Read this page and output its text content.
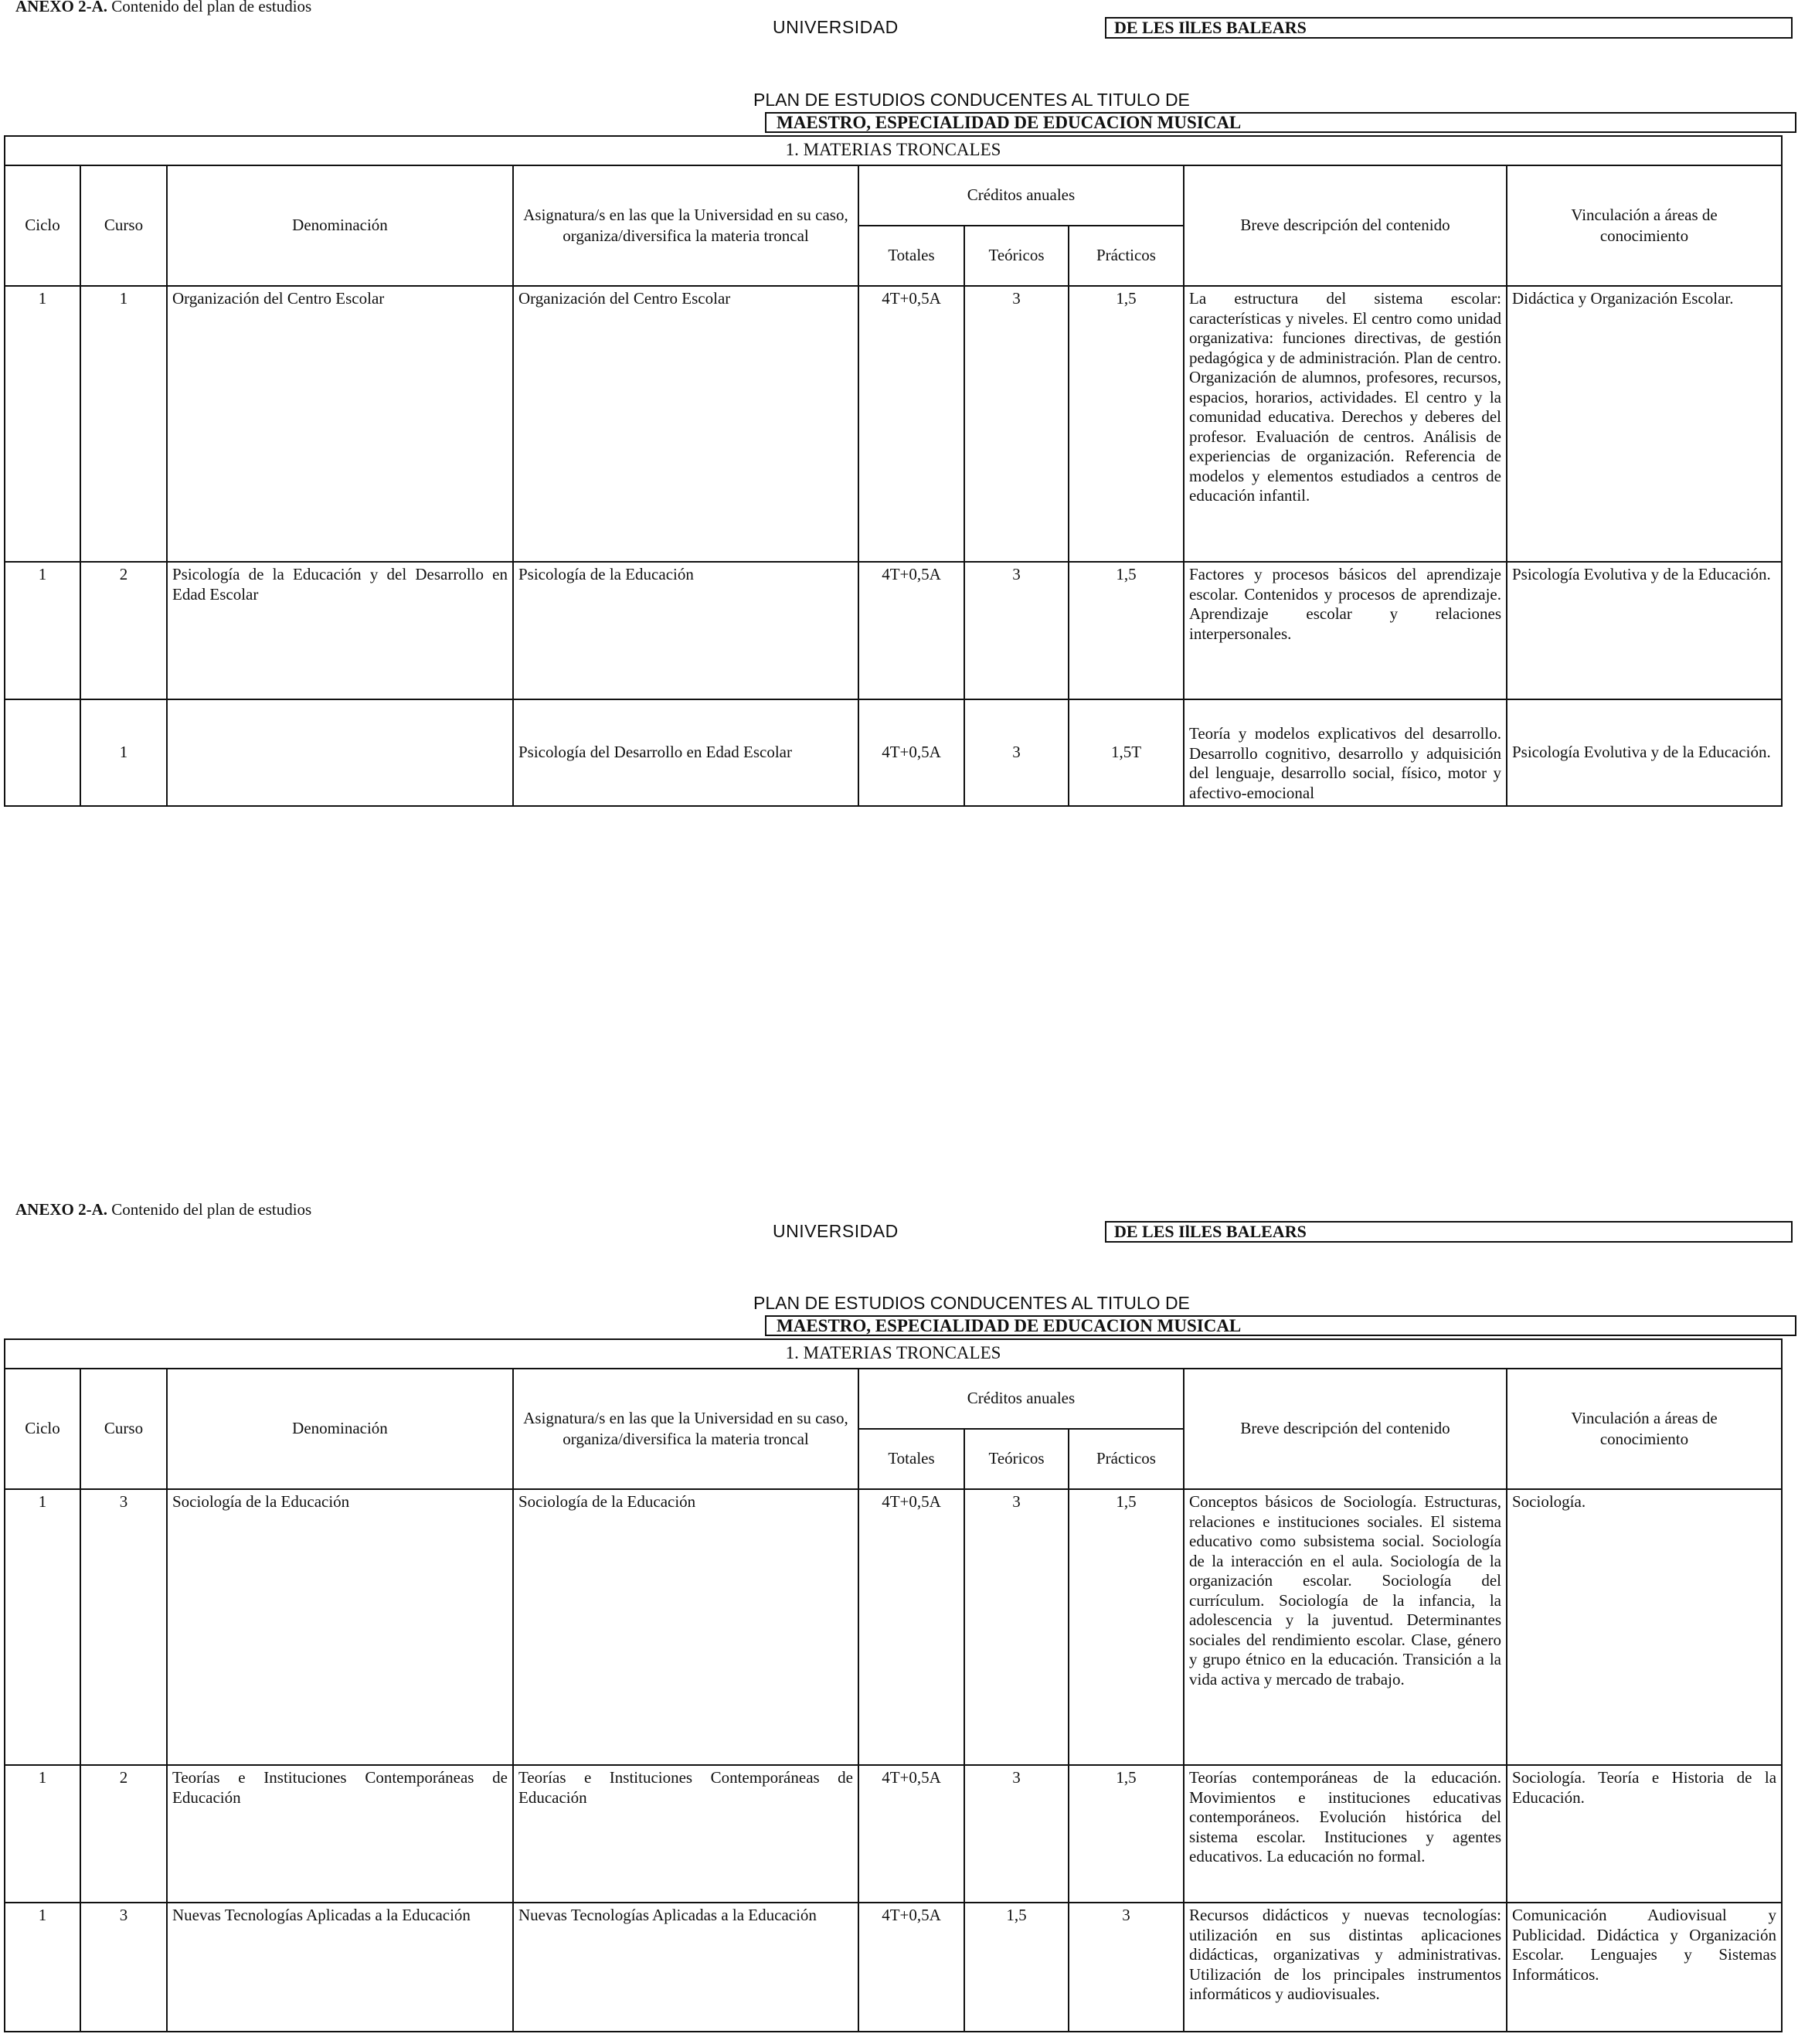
ANEXO 2-A. Contenido del plan de estudios
UNIVERSIDAD	DE LES IlLES BALEARS
PLAN DE ESTUDIOS CONDUCENTES AL TITULO DE
MAESTRO, ESPECIALIDAD DE EDUCACION MUSICAL
1. MATERIAS TRONCALES								
Ciclo	Curso	Denominación	Asignatura/s en las que la Universidad en su caso, organiza/diversifica la materia troncal	Créditos anuales			Breve descripción del contenido	Vinculación a áreas de conocimiento
				Totales	Teóricos	Prácticos		
1	1	Organización del Centro Escolar	Organización del Centro Escolar	4T+0,5A	3	1,5	La estructura del sistema escolar: características y niveles. El centro como unidad organizativa: funciones directivas, de gestión pedagógica y de administración. Plan de centro. Organización de alumnos, profesores, recursos, espacios, horarios, actividades. El centro y la comunidad educativa. Derechos y deberes del profesor. Evaluación de centros. Análisis de experiencias de organización. Referencia de modelos y elementos estudiados a centros de educación infantil.	Didáctica y Organización Escolar.
1	2	Psicología de la Educación y del Desarrollo en Edad Escolar	Psicología de la Educación	4T+0,5A	3	1,5	Factores y procesos básicos del aprendizaje escolar. Contenidos y procesos de aprendizaje. Aprendizaje escolar y relaciones interpersonales.	Psicología Evolutiva y de la Educación.
	1		Psicología del Desarrollo en Edad Escolar	4T+0,5A	3	1,5T	Teoría y modelos explicativos del desarrollo. Desarrollo cognitivo, desarrollo y adquisición del lenguaje, desarrollo social, físico, motor y afectivo-emocional	Psicología Evolutiva y de la Educación.
ANEXO 2-A. Contenido del plan de estudios
UNIVERSIDAD	DE LES IlLES BALEARS
PLAN DE ESTUDIOS CONDUCENTES AL TITULO DE
MAESTRO, ESPECIALIDAD DE EDUCACION MUSICAL
1. MATERIAS TRONCALES								
Ciclo	Curso	Denominación	Asignatura/s en las que la Universidad en su caso, organiza/diversifica la materia troncal	Créditos anuales			Breve descripción del contenido	Vinculación a áreas de conocimiento
				Totales	Teóricos	Prácticos		
1	3	Sociología de la Educación	Sociología de la Educación	4T+0,5A	3	1,5	Conceptos básicos de Sociología. Estructuras, relaciones e instituciones sociales. El sistema educativo como subsistema social. Sociología de la interacción en el aula. Sociología de la organización escolar. Sociología del currículum. Sociología de la infancia, la adolescencia y la juventud. Determinantes sociales del rendimiento escolar. Clase, género y grupo étnico en la educación. Transición a la vida activa y mercado de trabajo.	Sociología.
1	2	Teorías e Instituciones Contemporáneas de Educación	Teorías e Instituciones Contemporáneas de Educación	4T+0,5A	3	1,5	Teorías contemporáneas de la educación. Movimientos e instituciones educativas contemporáneos. Evolución histórica del sistema escolar. Instituciones y agentes educativos. La educación no formal.	Sociología. Teoría e Historia de la Educación.
1	3	Nuevas Tecnologías Aplicadas a la Educación	Nuevas Tecnologías Aplicadas a la Educación	4T+0,5A	1,5	3	Recursos didácticos y nuevas tecnologías: utilización en sus distintas aplicaciones didácticas, organizativas y administrativas. Utilización de los principales instrumentos informáticos y audiovisuales.	Comunicación Audiovisual y Publicidad. Didáctica y Organización Escolar. Lenguajes y Sistemas Informáticos.
